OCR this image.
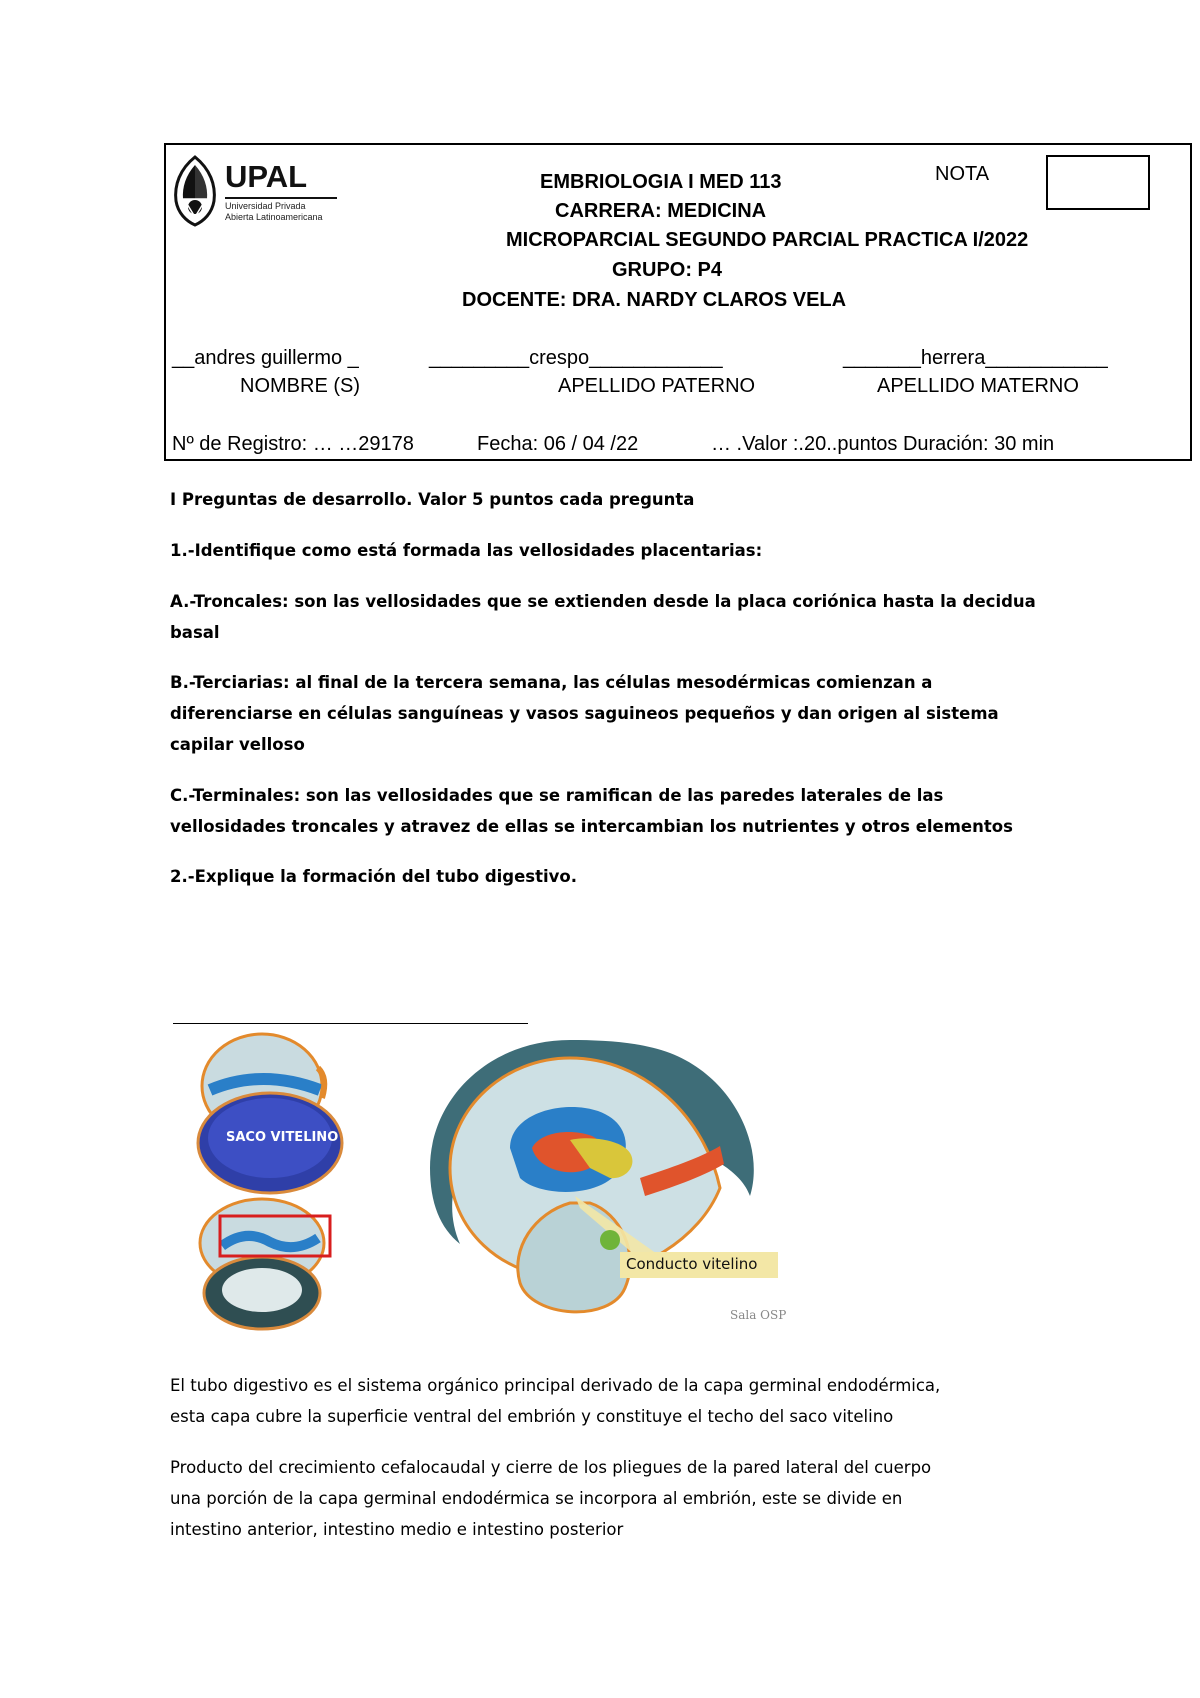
UPAL
Universidad Privada
Abierta Latinoamericana
EMBRIOLOGIA I MED 113	NOTA
CARRERA: MEDICINA
MICROPARCIAL SEGUNDO PARCIAL PRACTICA I/2022
GRUPO: P4
DOCENTE: DRA. NARDY CLAROS VELA
__andres guillermo _	_________crespo____________	_______herrera___________
NOMBRE (S)	APELLIDO PATERNO	APELLIDO MATERNO
Nº de Registro: … …29178	Fecha: 06 / 04 /22	… .Valor :.20..puntos Duración: 30 min
I Preguntas de desarrollo. Valor 5 puntos cada pregunta
1.-Identifique como está formada las vellosidades placentarias:
A.-Troncales: son las vellosidades que se extienden desde la placa coriónica hasta la decidua
basal
B.-Terciarias: al final de la tercera semana, las células mesodérmicas comienzan a
diferenciarse en células sanguíneas y vasos saguineos pequeños y dan origen al sistema
capilar velloso
C.-Terminales: son las vellosidades que se ramifican de las paredes laterales de las
vellosidades troncales y atravez de ellas se intercambian los nutrientes y otros elementos
2.-Explique la formación del tubo digestivo.
SACO VITELINO
Conducto vitelino
Sala OSP
El tubo digestivo es el sistema orgánico principal derivado de la capa germinal endodérmica,
esta capa cubre la superficie ventral del embrión y constituye el techo del saco vitelino
Producto del crecimiento cefalocaudal y cierre de los pliegues de la pared lateral del cuerpo
una porción de la capa germinal endodérmica se incorpora al embrión, este se divide en
intestino anterior, intestino medio e intestino posterior
